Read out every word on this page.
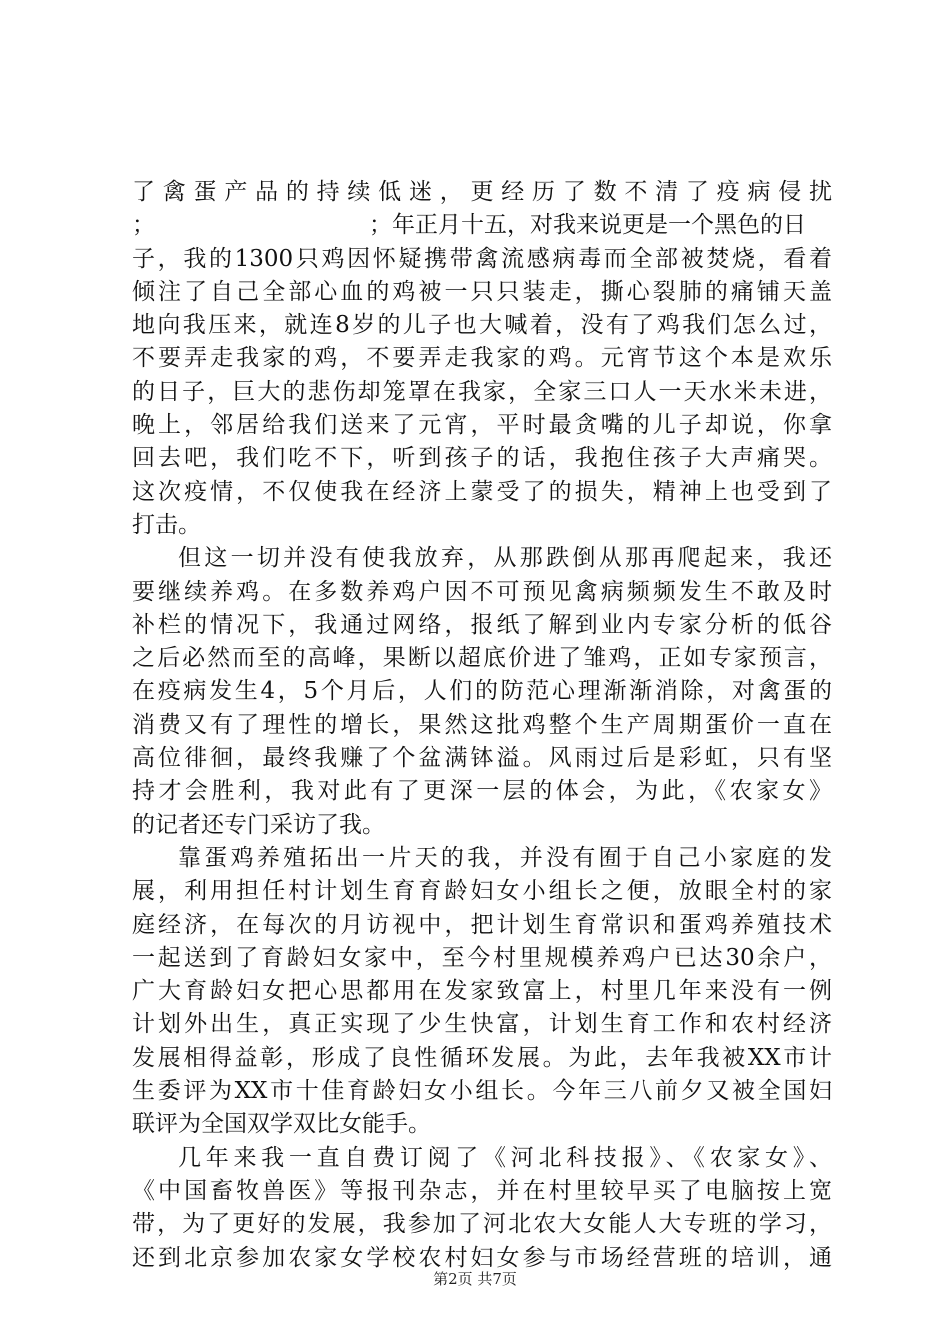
了禽蛋产品的持续低迷，更经历了数不清了疫病侵扰
；	；年正月十五，对我来说更是一个黑色的日
子，我的1300只鸡因怀疑携带禽流感病毒而全部被焚烧，看着
倾注了自己全部心血的鸡被一只只装走，撕心裂肺的痛铺天盖
地向我压来，就连8岁的儿子也大喊着，没有了鸡我们怎么过，
不要弄走我家的鸡，不要弄走我家的鸡。元宵节这个本是欢乐
的日子，巨大的悲伤却笼罩在我家，全家三口人一天水米未进，
晚上，邻居给我们送来了元宵，平时最贪嘴的儿子却说，你拿
回去吧，我们吃不下，听到孩子的话，我抱住孩子大声痛哭。
这次疫情，不仅使我在经济上蒙受了的损失，精神上也受到了
打击。
但这一切并没有使我放弃，从那跌倒从那再爬起来，我还
要继续养鸡。在多数养鸡户因不可预见禽病频频发生不敢及时
补栏的情况下，我通过网络，报纸了解到业内专家分析的低谷
之后必然而至的高峰，果断以超底价进了雏鸡，正如专家预言，
在疫病发生4，5个月后，人们的防范心理渐渐消除，对禽蛋的
消费又有了理性的增长，果然这批鸡整个生产周期蛋价一直在
高位徘徊，最终我赚了个盆满钵溢。风雨过后是彩虹，只有坚
持才会胜利，我对此有了更深一层的体会，为此，《农家女》
的记者还专门采访了我。
靠蛋鸡养殖拓出一片天的我，并没有囿于自己小家庭的发
展，利用担任村计划生育育龄妇女小组长之便，放眼全村的家
庭经济，在每次的月访视中，把计划生育常识和蛋鸡养殖技术
一起送到了育龄妇女家中，至今村里规模养鸡户已达30余户，
广大育龄妇女把心思都用在发家致富上，村里几年来没有一例
计划外出生，真正实现了少生快富，计划生育工作和农村经济
发展相得益彰，形成了良性循环发展。为此，去年我被XX市计
生委评为XX市十佳育龄妇女小组长。今年三八前夕又被全国妇
联评为全国双学双比女能手。
几年来我一直自费订阅了《河北科技报》、《农家女》、
《中国畜牧兽医》等报刊杂志，并在村里较早买了电脑按上宽
带，为了更好的发展，我参加了河北农大女能人大专班的学习，
还到北京参加农家女学校农村妇女参与市场经营班的培训，通
第2页 共7页
